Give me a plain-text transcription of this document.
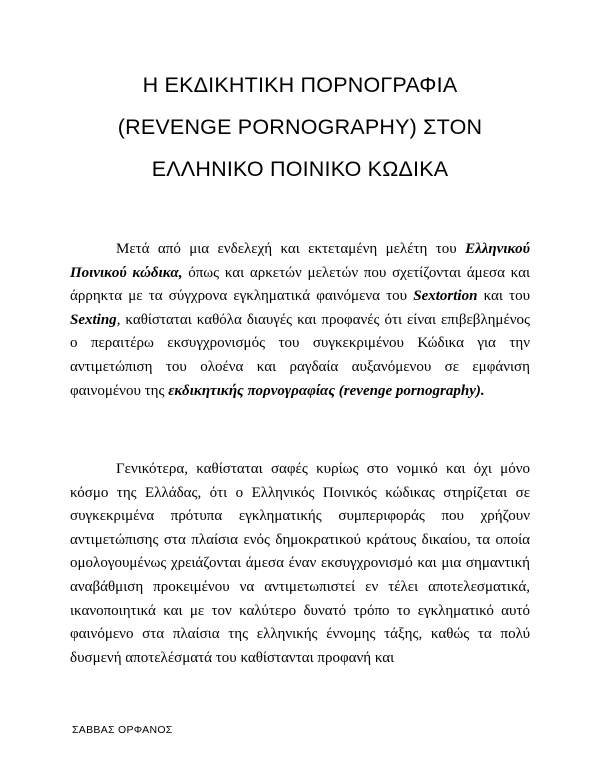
Η ΕΚΔΙΚΗΤΙΚΗ ΠΟΡΝΟΓΡΑΦΙΑ
(REVENGE PORNOGRAPHY) ΣΤΟΝ
ΕΛΛΗΝΙΚΟ ΠΟΙΝΙΚΟ ΚΩΔΙΚΑ

Μετά από μια ενδελεχή και εκτεταμένη μελέτη του Ελληνικού Ποινικού κώδικα, όπως και αρκετών μελετών που σχετίζονται άμεσα και άρρηκτα με τα σύγχρονα εγκληματικά φαινόμενα του Sextortion και του Sexting, καθίσταται καθόλα διαυγές και προφανές ότι είναι επιβεβλημένος ο περαιτέρω εκσυγχρονισμός του συγκεκριμένου Κώδικα για την αντιμετώπιση του ολοένα και ραγδαία αυξανόμενου σε εμφάνιση φαινομένου της εκδικητικής πορνογραφίας (revenge pornography).

Γενικότερα, καθίσταται σαφές κυρίως στο νομικό και όχι μόνο κόσμο της Ελλάδας, ότι ο Ελληνικός Ποινικός κώδικας στηρίζεται σε συγκεκριμένα πρότυπα εγκληματικής συμπεριφοράς που χρήζουν αντιμετώπισης στα πλαίσια ενός δημοκρατικού κράτους δικαίου, τα οποία ομολογουμένως χρειάζονται άμεσα έναν εκσυγχρονισμό και μια σημαντική αναβάθμιση προκειμένου να αντιμετωπιστεί εν τέλει αποτελεσματικά, ικανοποιητικά και με τον καλύτερο δυνατό τρόπο το εγκληματικό αυτό φαινόμενο στα πλαίσια της ελληνικής έννομης τάξης, καθώς τα πολύ δυσμενή αποτελέσματά του καθίστανται προφανή και

ΣΑΒΒΑΣ ΟΡΦΑΝΟΣ
